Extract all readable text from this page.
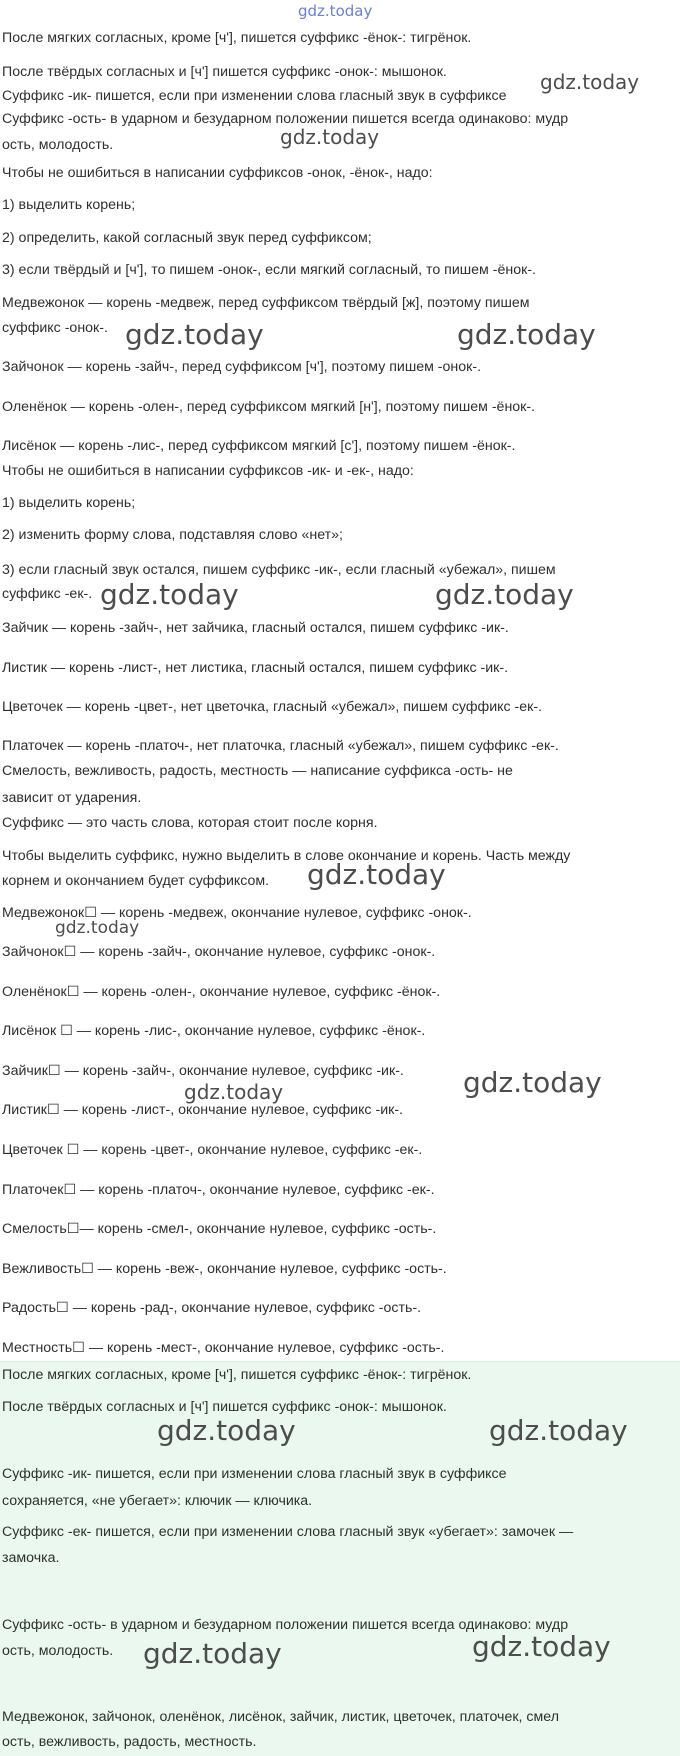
После мягких согласных, кроме [ч'], пишется суффикс -ёнок-: тигрёнок.
После твёрдых согласных и [ч'] пишется суффикс -онок-: мышонок.
Суффикс -ик- пишется, если при изменении слова гласный звук в суффиксе
Суффикс -ость- в ударном и безударном положении пишется всегда одинаково: мудр
ость, молодость.
Чтобы не ошибиться в написании суффиксов -онок, -ёнок-, надо:
1) выделить корень;
2) определить, какой согласный звук перед суффиксом;
3) если твёрдый и [ч'], то пишем -онок-, если мягкий согласный, то пишем -ёнок-.
Медвежонок — корень -медвеж, перед суффиксом твёрдый [ж], поэтому пишем
суффикс -онок-.
Зайчонок — корень -зайч-, перед суффиксом [ч'], поэтому пишем -онок-.
Оленёнок — корень -олен-, перед суффиксом мягкий [н'], поэтому пишем -ёнок-.
Лисёнок — корень -лис-, перед суффиксом мягкий [с'], поэтому пишем -ёнок-.
Чтобы не ошибиться в написании суффиксов -ик- и -ек-, надо:
1) выделить корень;
2) изменить форму слова, подставляя слово «нет»;
3) если гласный звук остался, пишем суффикс -ик-, если гласный «убежал», пишем
суффикс -ек-.
Зайчик — корень -зайч-, нет зайчика, гласный остался, пишем суффикс -ик-.
Листик — корень -лист-, нет листика, гласный остался, пишем суффикс -ик-.
Цветочек — корень -цвет-, нет цветочка, гласный «убежал», пишем суффикс -ек-.
Платочек — корень -платоч-, нет платочка, гласный «убежал», пишем суффикс -ек-.
Смелость, вежливость, радость, местность — написание суффикса -ость- не
зависит от ударения.
Суффикс — это часть слова, которая стоит после корня.
Чтобы выделить суффикс, нужно выделить в слове окончание и корень. Часть между
корнем и окончанием будет суффиксом.
Медвежонок☐ — корень -медвеж, окончание нулевое, суффикс -онок-.
Зайчонок☐ — корень -зайч-, окончание нулевое, суффикс -онок-.
Оленёнок☐ — корень -олен-, окончание нулевое, суффикс -ёнок-.
Лисёнок ☐ — корень -лис-, окончание нулевое, суффикс -ёнок-.
Зайчик☐ — корень -зайч-, окончание нулевое, суффикс -ик-.
Листик☐ — корень -лист-, окончание нулевое, суффикс -ик-.
Цветочек ☐ — корень -цвет-, окончание нулевое, суффикс -ек-.
Платочек☐ — корень -платоч-, окончание нулевое, суффикс -ек-.
Смелость☐— корень -смел-, окончание нулевое, суффикс -ость-.
Вежливость☐ — корень -веж-, окончание нулевое, суффикс -ость-.
Радость☐ — корень -рад-, окончание нулевое, суффикс -ость-.
Местность☐ — корень -мест-, окончание нулевое, суффикс -ость-.
После мягких согласных, кроме [ч'], пишется суффикс -ёнок-: тигрёнок.
После твёрдых согласных и [ч'] пишется суффикс -онок-: мышонок.
Суффикс -ик- пишется, если при изменении слова гласный звук в суффиксе
сохраняется, «не убегает»: ключик — ключика.
Суффикс -ек- пишется, если при изменении слова гласный звук «убегает»: замочек —
замочка.
Суффикс -ость- в ударном и безударном положении пишется всегда одинаково: мудр
ость, молодость.
Медвежонок, зайчонок, оленёнок, лисёнок, зайчик, листик, цветочек, платочек, смел
ость, вежливость, радость, местность.
gdz.today
gdz.today
gdz.today
gdz.today	gdz.today
gdz.today	gdz.today
gdz.today
gdz.today
gdz.today	gdz.today
gdz.today	gdz.today
gdz.today	gdz.today
